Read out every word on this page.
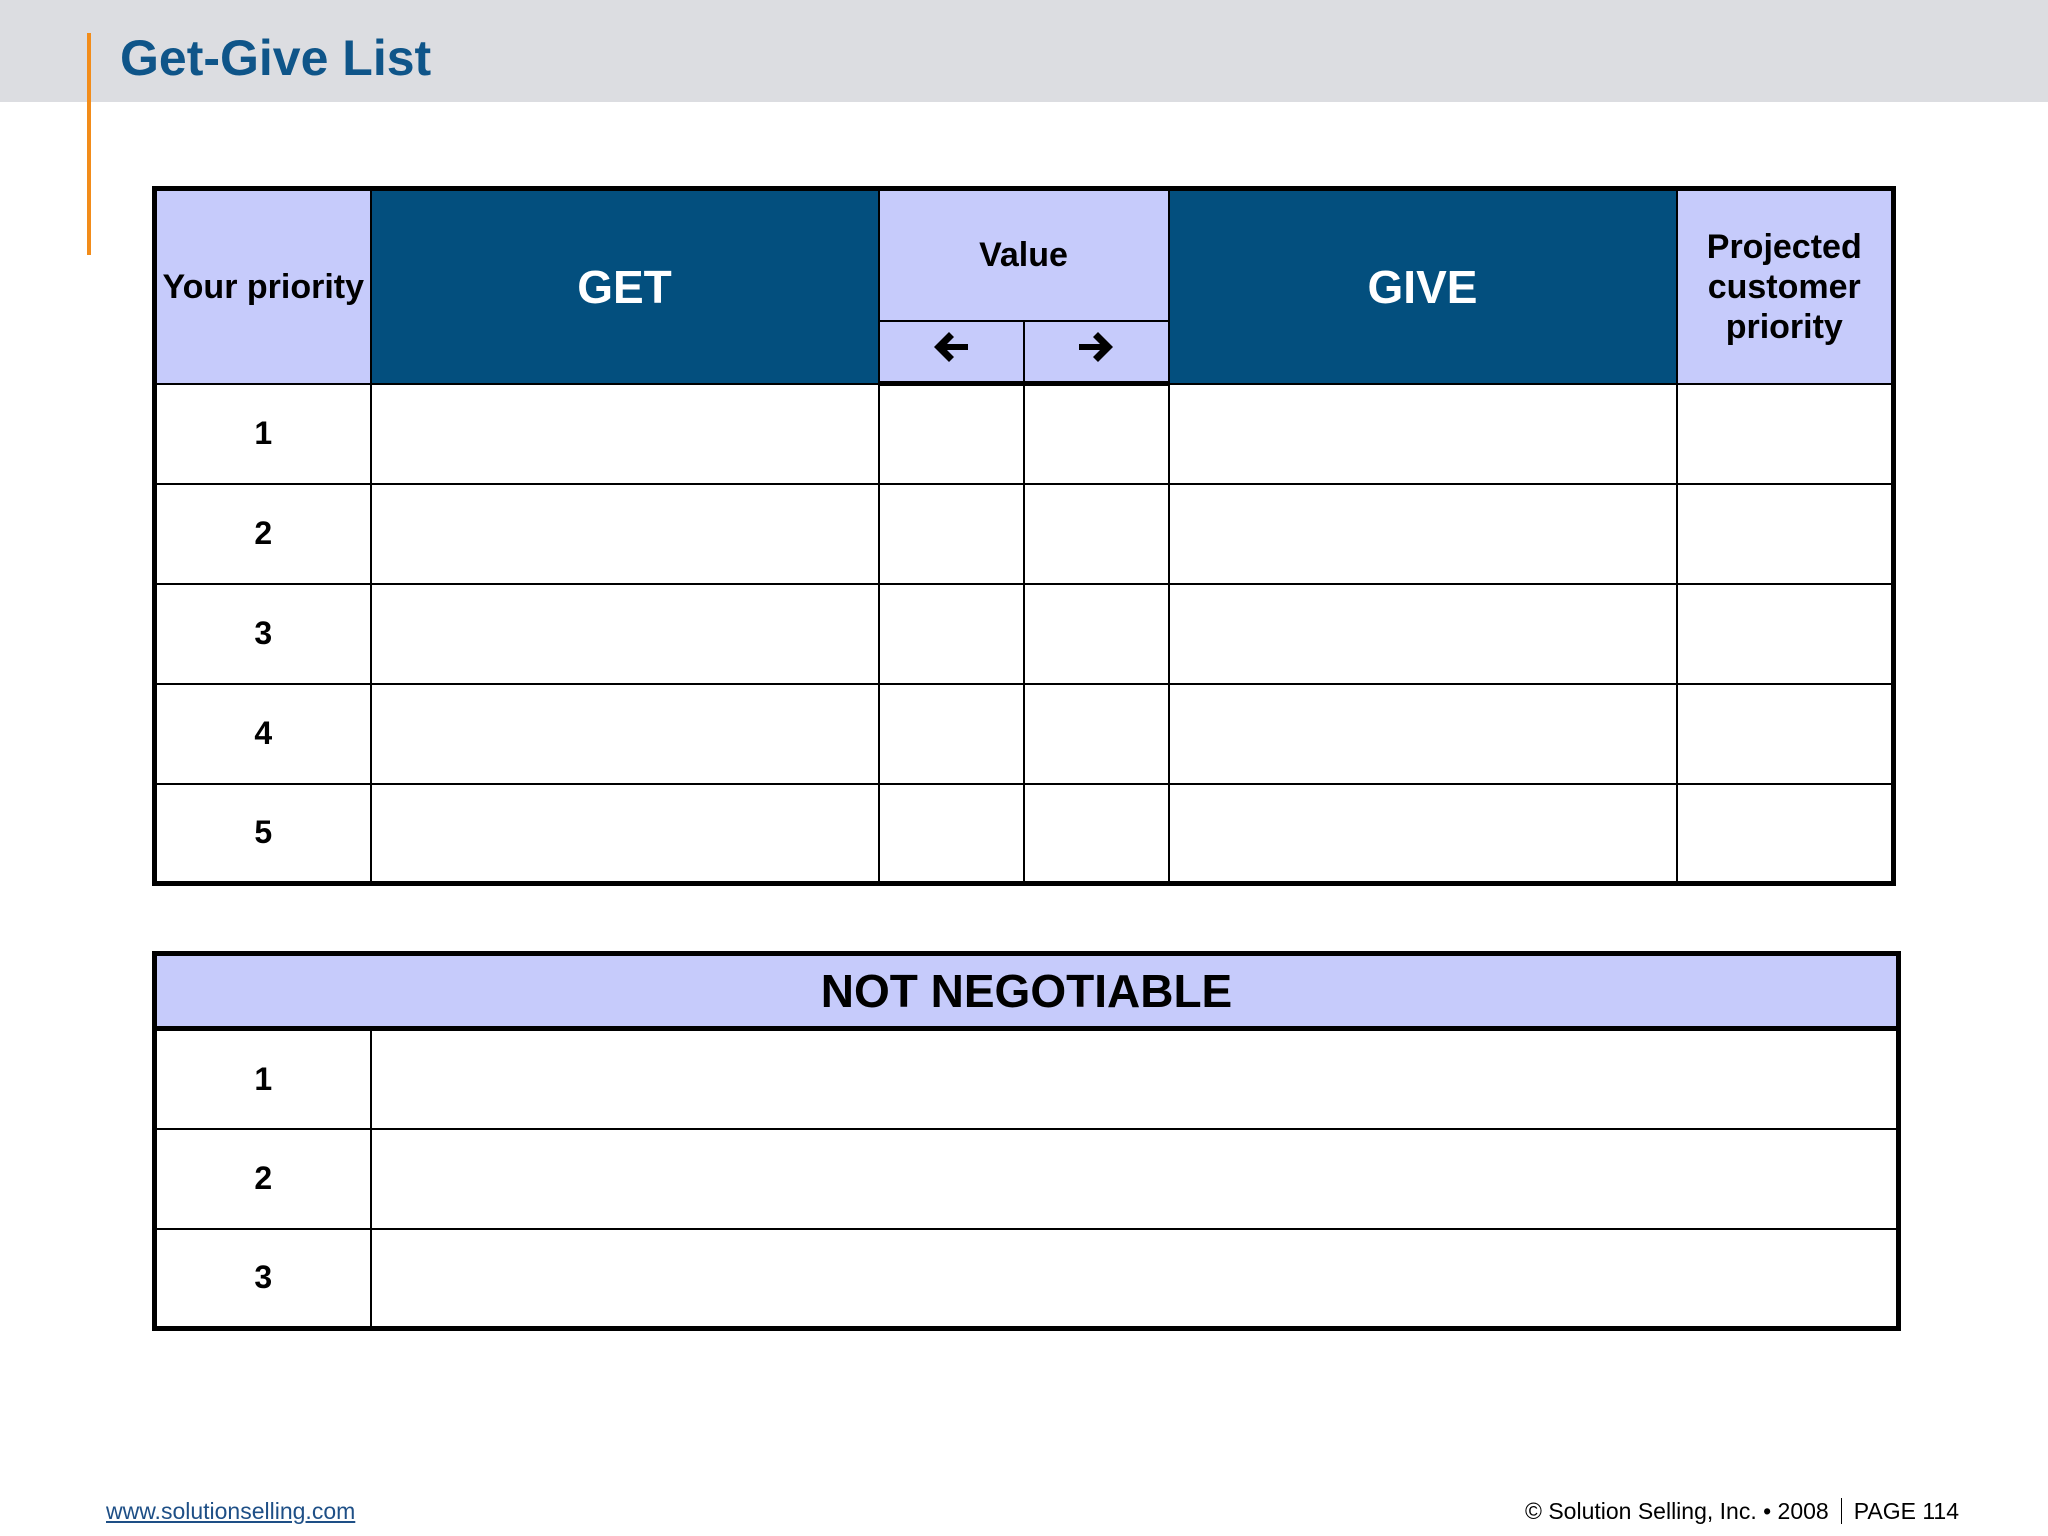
Get-Give List
Your priority	GET	Value		GIVE	Projected customer priority

1					
2					
3					
4					
5					
NOT NEGOTIABLE	
1	
2	
3	
www.solutionselling.com	© Solution Selling, Inc. • 2008 PAGE 114
